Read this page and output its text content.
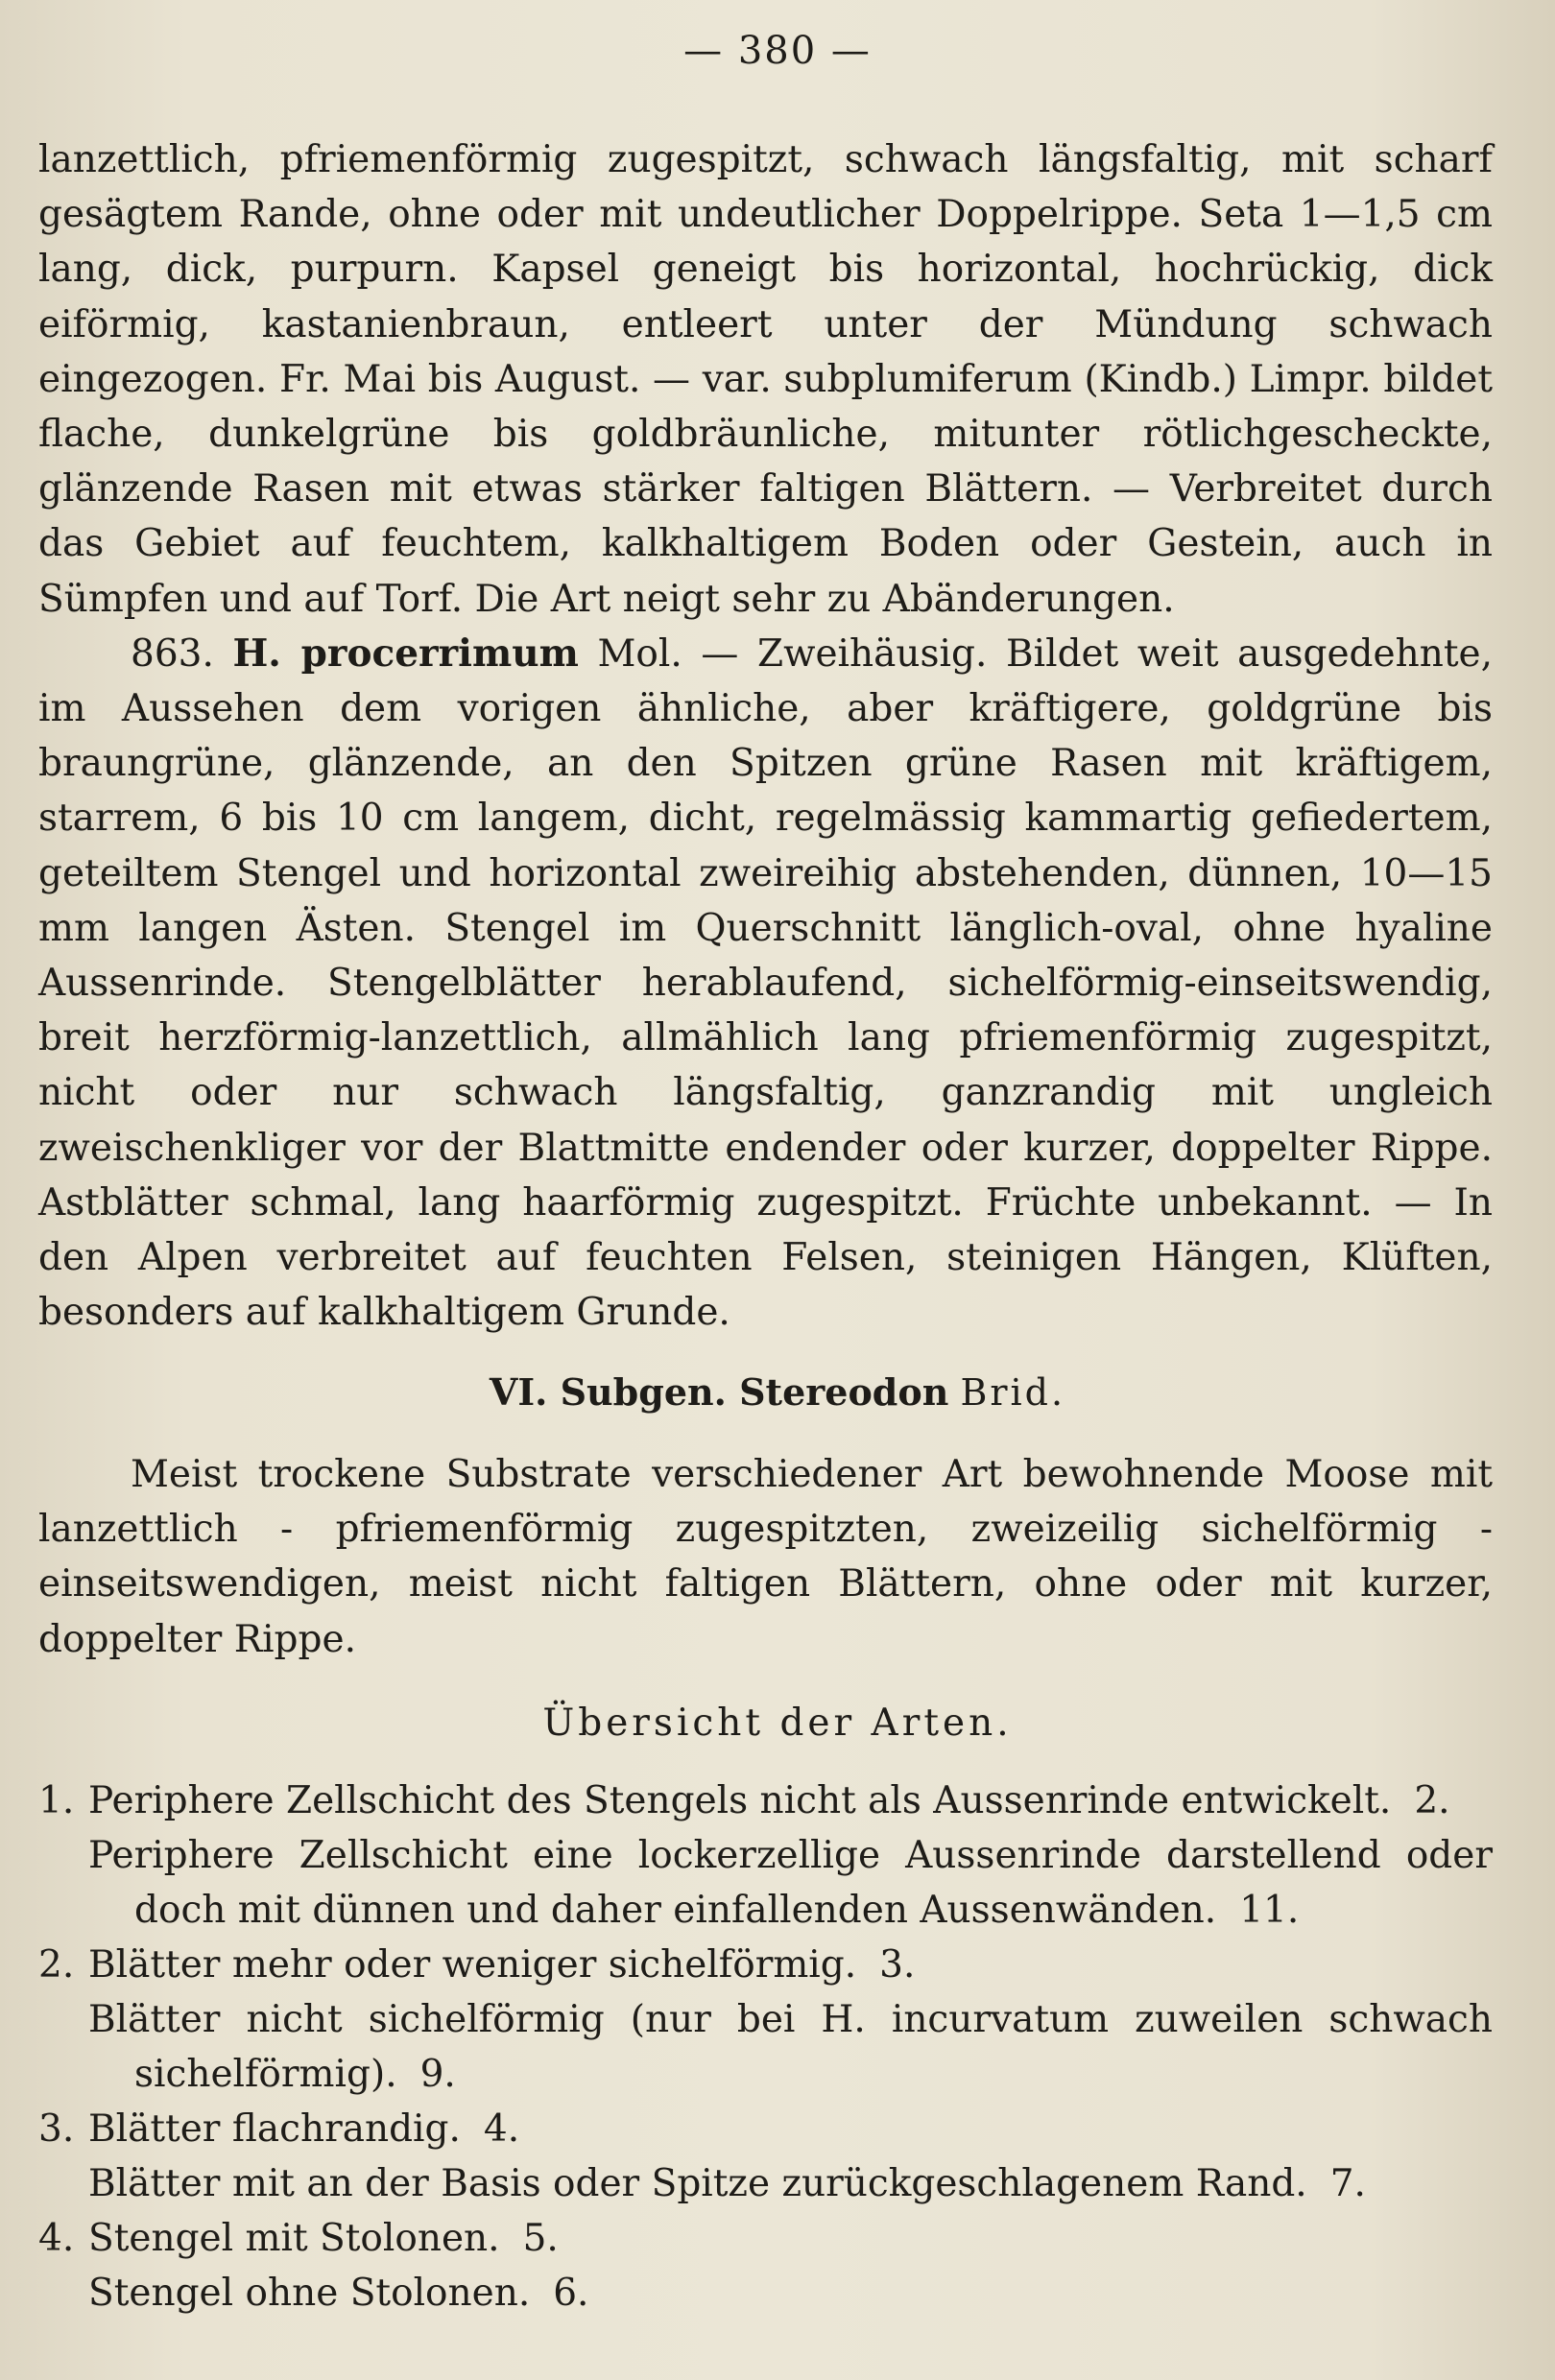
— 380 —

lanzettlich, pfriemenförmig zugespitzt, schwach längsfaltig, mit scharf gesägtem Rande, ohne oder mit undeutlicher Doppelrippe. Seta 1—1,5 cm lang, dick, purpurn. Kapsel geneigt bis horizontal, hochrückig, dick eiförmig, kastanienbraun, entleert unter der Mündung schwach eingezogen. Fr. Mai bis August. — var. subplumiferum (Kindb.) Limpr. bildet flache, dunkelgrüne bis goldbräunliche, mitunter rötlichgescheckte, glänzende Rasen mit etwas stärker faltigen Blättern. — Verbreitet durch das Gebiet auf feuchtem, kalkhaltigem Boden oder Gestein, auch in Sümpfen und auf Torf. Die Art neigt sehr zu Abänderungen.

863. H. procerrimum Mol. — Zweihäusig. Bildet weit ausgedehnte, im Aussehen dem vorigen ähnliche, aber kräftigere, goldgrüne bis braungrüne, glänzende, an den Spitzen grüne Rasen mit kräftigem, starrem, 6 bis 10 cm langem, dicht, regelmässig kammartig gefiedertem, geteiltem Stengel und horizontal zweireihig abstehenden, dünnen, 10—15 mm langen Ästen. Stengel im Querschnitt länglich-oval, ohne hyaline Aussenrinde. Stengelblätter herablaufend, sichelförmig-einseitswendig, breit herzförmig-lanzettlich, allmählich lang pfriemenförmig zugespitzt, nicht oder nur schwach längsfaltig, ganzrandig mit ungleich zweischenkliger vor der Blattmitte endender oder kurzer, doppelter Rippe. Astblätter schmal, lang haarförmig zugespitzt. Früchte unbekannt. — In den Alpen verbreitet auf feuchten Felsen, steinigen Hängen, Klüften, besonders auf kalkhaltigem Grunde.

VI. Subgen. Stereodon Brid.

Meist trockene Substrate verschiedener Art bewohnende Moose mit lanzettlich - pfriemenförmig zugespitzten, zweizeilig sichelförmig - einseitswendigen, meist nicht faltigen Blättern, ohne oder mit kurzer, doppelter Rippe.

Übersicht der Arten.
1. Periphere Zellschicht des Stengels nicht als Aussenrinde entwickelt. 2.
Periphere Zellschicht eine lockerzellige Aussenrinde darstellend oder doch mit dünnen und daher einfallenden Aussenwänden. 11.
2. Blätter mehr oder weniger sichelförmig. 3.
Blätter nicht sichelförmig (nur bei H. incurvatum zuweilen schwach sichelförmig). 9.
3. Blätter flachrandig. 4.
Blätter mit an der Basis oder Spitze zurückgeschlagenem Rand. 7.
4. Stengel mit Stolonen. 5.
Stengel ohne Stolonen. 6.
